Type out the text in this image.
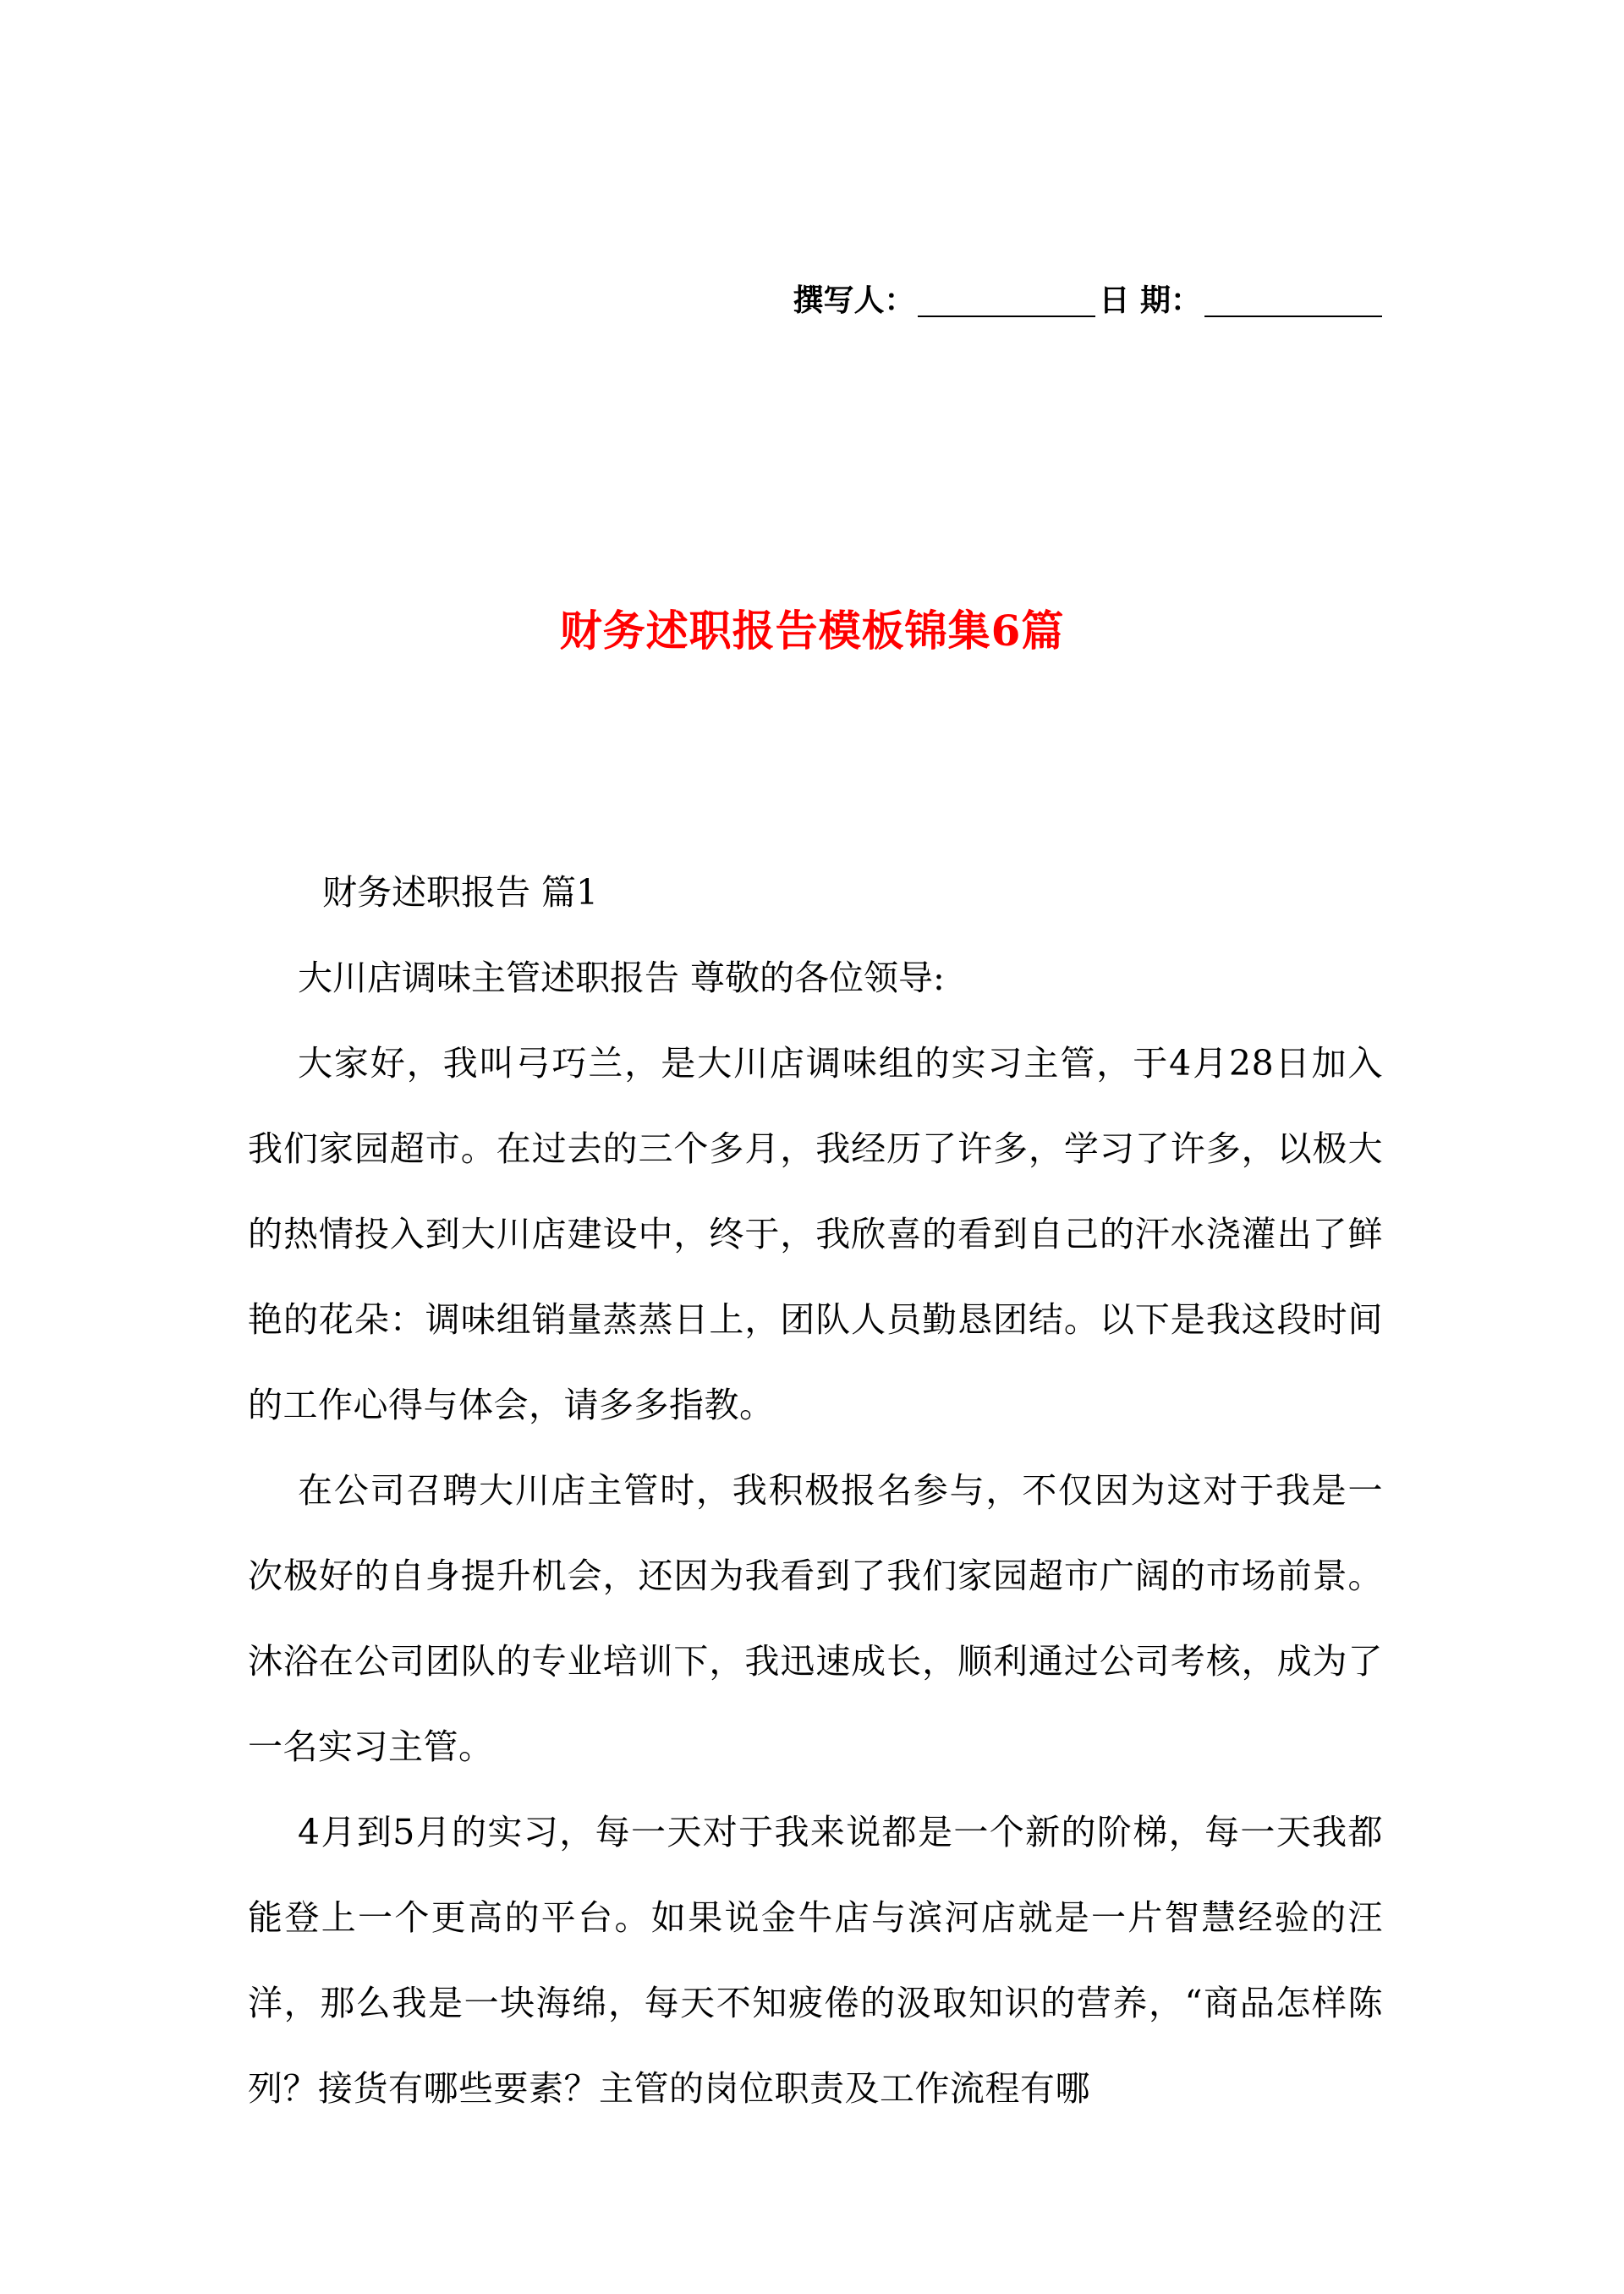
撰写人：	日 期：
财务述职报告模板锦集6篇
财务述职报告 篇1
大川店调味主管述职报告 尊敬的各位领导:

大家好，我叫弓巧兰，是大川店调味组的实习主管，于4月28日加入我们家园超市。在过去的三个多月，我经历了许多，学习了许多，以极大的热情投入到大川店建设中，终于，我欣喜的看到自己的汗水浇灌出了鲜艳的花朵：调味组销量蒸蒸日上，团队人员勤恳团结。以下是我这段时间的工作心得与体会，请多多指教。

在公司召聘大川店主管时，我积极报名参与，不仅因为这对于我是一次极好的自身提升机会，还因为我看到了我们家园超市广阔的市场前景。沐浴在公司团队的专业培训下，我迅速成长，顺利通过公司考核，成为了一名实习主管。

4月到5月的实习，每一天对于我来说都是一个新的阶梯，每一天我都能登上一个更高的平台。如果说金牛店与滨河店就是一片智慧经验的汪洋，那么我是一块海绵，每天不知疲倦的汲取知识的营养，“商品怎样陈列？接货有哪些要素？主管的岗位职责及工作流程有哪
